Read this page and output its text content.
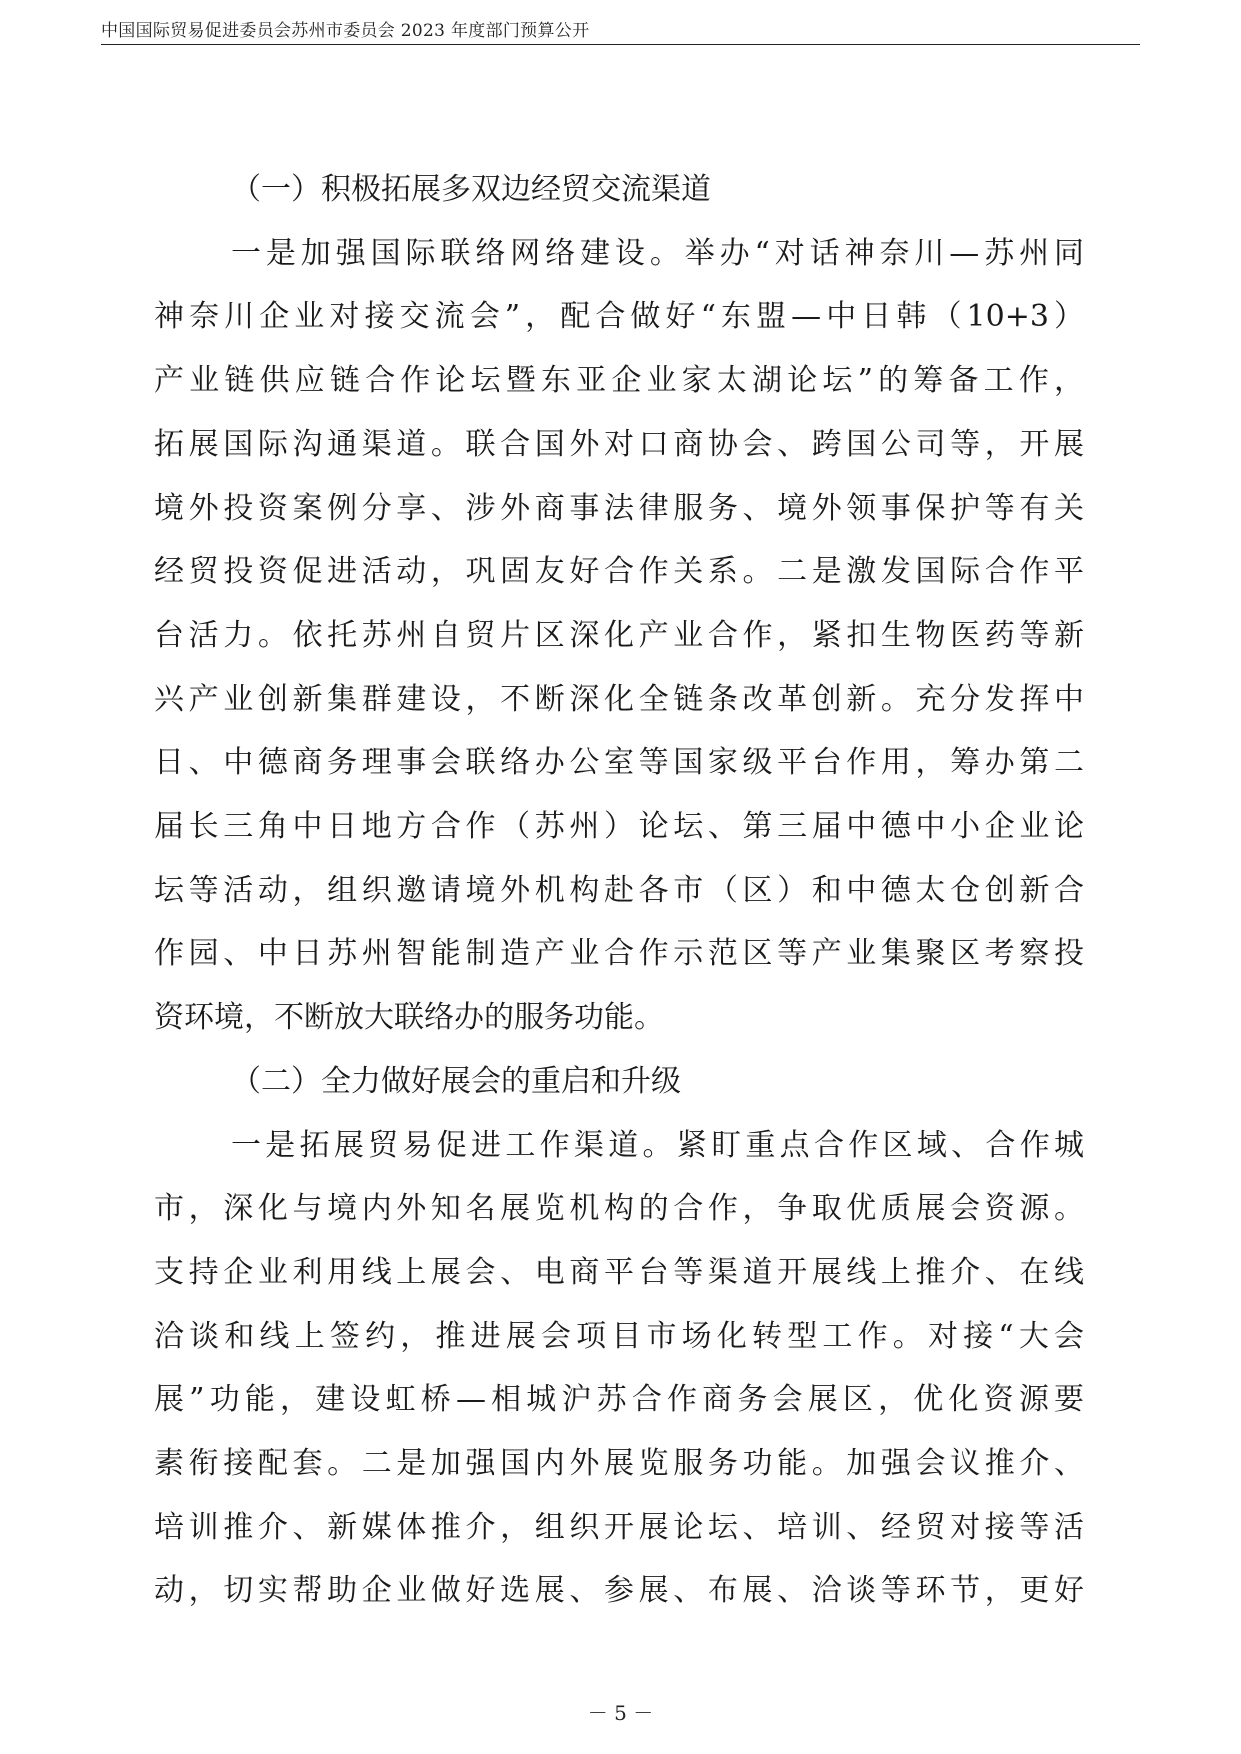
中国国际贸易促进委员会苏州市委员会 2023 年度部门预算公开
（一）积极拓展多双边经贸交流渠道
一是加强国际联络网络建设。举办“对话神奈川—苏州同
神奈川企业对接交流会”，配合做好“东盟—中日韩（10+3）
产业链供应链合作论坛暨东亚企业家太湖论坛”的筹备工作，
拓展国际沟通渠道。联合国外对口商协会、跨国公司等，开展
境外投资案例分享、涉外商事法律服务、境外领事保护等有关
经贸投资促进活动，巩固友好合作关系。二是激发国际合作平
台活力。依托苏州自贸片区深化产业合作，紧扣生物医药等新
兴产业创新集群建设，不断深化全链条改革创新。充分发挥中
日、中德商务理事会联络办公室等国家级平台作用，筹办第二
届长三角中日地方合作（苏州）论坛、第三届中德中小企业论
坛等活动，组织邀请境外机构赴各市（区）和中德太仓创新合
作园、中日苏州智能制造产业合作示范区等产业集聚区考察投
资环境，不断放大联络办的服务功能。
（二）全力做好展会的重启和升级
一是拓展贸易促进工作渠道。紧盯重点合作区域、合作城
市，深化与境内外知名展览机构的合作，争取优质展会资源。
支持企业利用线上展会、电商平台等渠道开展线上推介、在线
洽谈和线上签约，推进展会项目市场化转型工作。对接“大会
展”功能，建设虹桥—相城沪苏合作商务会展区，优化资源要
素衔接配套。二是加强国内外展览服务功能。加强会议推介、
培训推介、新媒体推介，组织开展论坛、培训、经贸对接等活
动，切实帮助企业做好选展、参展、布展、洽谈等环节，更好
－ 5 －
